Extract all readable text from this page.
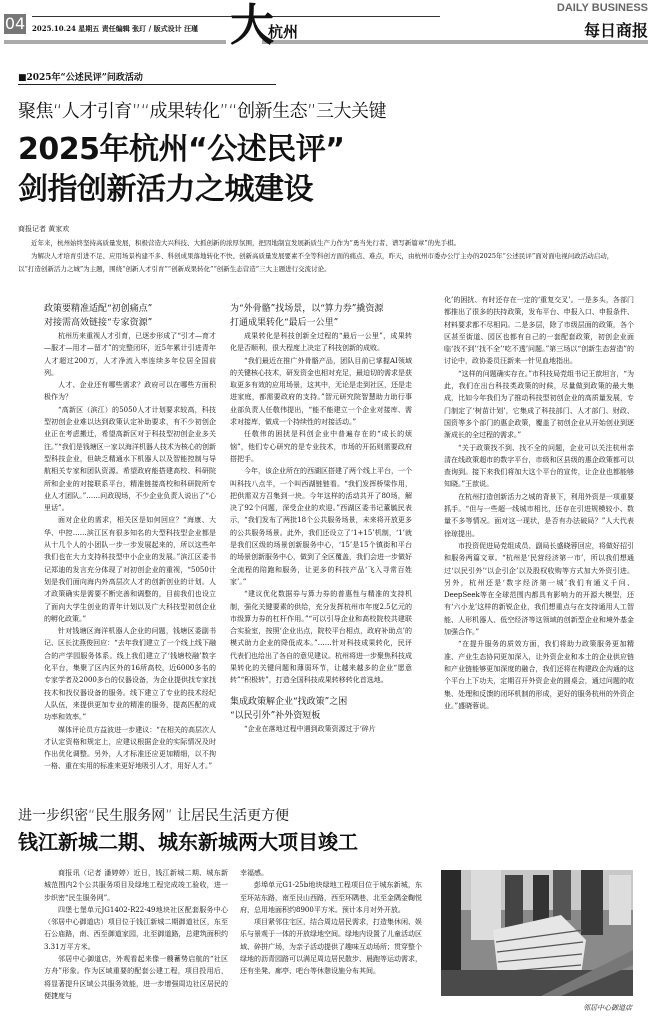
04 2025.10.24 星期五 责任编辑 张玎 / 版式设计 汪瑾 大
杭州
DAILY BUSINESS
每日商报
■2025年“公述民评”问政活动
聚焦“人才引育”“成果转化”“创新生态”三大关键
2025年杭州“公述民评”
剑指创新活力之城建设
商报记者 黄家欢

近年来，杭州始终坚持高质量发展，积极营造大兴科技、大抓创新的浓厚氛围，把因地制宜发展新质生产力作为“勇当先行者、谱写新篇章”的先手棋。

为解决人才培育引进不足、应用场景构建不多、科创成果落地转化不快、创新高质量发展要素不全等科创方面的痛点、难点，昨天，由杭州市委办公厅主办的2025年“公述民评”面对面电视问政活动启动，以“打造创新活力之城”为主题，围绕“创新人才引育”“创新成果转化”“创新生态营造”三大主题进行交流讨论。

政策要精准适配“初创痛点”
对接需高效链接“专家资源”

杭州历来重视人才引育，已逐步形成了“引才—育才—服才—用才—留才”的完整闭环，近5年累计引进青年人才超过200万，人才净流入率连续多年位居全国前列。

人才、企业还有哪些需求？政府可以在哪些方面积极作为？

“高新区（滨江）的5050人才计划要求较高，科技型初创企业难以达到政策认定补助要求，有不少初创企业正在考虑搬迁，希望高新区对于科技型初创企业多关注。”“我们是钱塘区一家以海洋机器人技术为核心的创新型科技企业，但缺乏精通水下机器人以及智能控制与导航相关专家和团队资源。希望政府能搭建高校、科研院所和企业的对接联系平台，精准链接高校和科研院所专业人才团队。”……问政现场，不少企业负责人说出了“心里话”。

面对企业的需求，相关区是如何回应？“海康、大华、中控……滨江区有很多知名的大型科技型企业都是从十几个人的小团队一步一步发展起来的，所以这些年我们也在大力支持科技型中小企业的发展。”滨江区委书记郑迪的发言充分体现了对初创企业的重视，“5050计划是我们面向海内外高层次人才的创新创业的计划。人才政策确实是需要不断完善和调整的，目前我们也设立了面向大学生创业的青年计划以及广大科技型初创企业的孵化政策。”

针对钱塘区海洋机器人企业的问题，钱塘区委副书记、区长沈燕俊回应：“去年我们建立了一个线上线下融合的产学园服务体系。线上我们建立了‘钱塘校融’数字化平台，集聚了区内区外的16所高校，近6000多名的专家学者及2000多台的仪器设备，为企业提供找专家找技术和找仪器设备的服务。线下建立了专业的技术经纪人队伍，来提供更加专业的精准的服务，提高匹配的成功率和效率。”

媒体评论员方益波进一步建议：“在相关的高层次人才认定资格和规定上，应建议根据企业的实际情况及时作出优化调整。另外，人才标准还应更加精细，以不拘一格、重在实用的标准来更好地吸引人才，用好人才。”

为“外骨骼”找场景，以“算力券”撬资源
打通成果转化“最后一公里”

成果转化是科技创新全过程的“最后一公里”，成果转化是否顺利，很大程度上决定了科技创新的成败。

“我们最近在推广外骨骼产品，团队目前已掌握AI领域的关键核心技术，研发资金也相对充足，最迫切的需求是获取更多有效的应用场景，这其中，无论是走到社区，还是走进家庭，都需要政府的支持。”智元研究院智慧助力助行事业部负责人任敬伟提出，“能不能建立一个企业对接库、需求对接库，做成一个持续性的对接活动。”

任敬伟的困扰是科创企业中普遍存在的“成长的烦恼”，他们专心研究的是专业技术，市场的开拓则需要政府搭把手。

今年，该企业所在的西湖区搭建了两个线上平台，一个叫科技八点半，一个叫西湖链链看。“我们发挥桥梁作用，把供需双方召集到一块。今年这样的活动共开了80场，解决了92个问题，深受企业的欢迎。”西湖区委书记董毓民表示，“我们发布了两批18个公共服务场景，未来将开放更多的公共服务场景。此外，我们还设立了‘1+15’机制，‘1’就是我们区级的场景创新服务中心，‘15’是15个镇街和平台的场景创新服务中心，做到了全区覆盖，我们会进一步做好全流程的陪跑和服务，让更多的科技产品‘飞入寻常百姓家’。”

“建议优化数据券与算力券的普惠性与精准的支持机制，强化关键要素的供给，充分发挥杭州市年度2.5亿元的市级算力券的杠杆作用。”“可以引导企业和高校院校共建联合实验室，按照‘企业出点，院校平台相点，政府补助点’的模式助力企业的降低成本。”……针对科技成果转化，民评代表们也给出了各自的意见建议。杭州将进一步聚焦科技成果转化的关键问题和薄弱环节，让越来越多的企业“愿意转”“积极转”，打造全国科技成果转移转化首选地。

集成政策解企业“找政策”之困
“以民引外”补外资短板

“企业在落地过程中遇到政策资源过于‘碎片

化’的困扰、有时还存在一定的‘重复交叉’。一是多头，各部门都推出了很多的扶持政策，发布平台、申报入口、申报条件、材料要求都不尽相同。二是多层，除了市级层面的政策，各个区甚至街道、园区也都有自己的一套配套政策，初创企业面临‘找不到’‘找不全’‘吃不透’问题。”第三场以“创新生态营造”的讨论中，政协委员汪新来一针见血地指出。

“这样的问题确实存在。”市科技局党组书记王歆坦言，“为此，我们在出台科技类政策的时候，尽量做到政策的最大集成，比如今年我们为了推动科技型初创企业的高质量发展，专门制定了‘树苗计划’，它集成了科技部门、人才部门、财政、国资等多个部门的惠企政策，覆盖了初创企业从开始创业到逐渐成长的全过程的需求。”

“关于政策找不到、找不全的问题，企业可以关注杭州亲清在线政策超市的数字平台，市级和区县级的惠企政策都可以查询到。接下来我们将加大这个平台的宣传，让企业也都能够知晓。”王歆说。

在杭州打造创新活力之城的背景下，利用外资是一项重要抓手。“但与一些超一线城市相比，还存在引进规模较小、数量不多等情况。面对这一现状，是否有办法破局？”人大代表徐琼提出。

市投资促进局党组成员、副局长盛晓蓉回应，将做好招引和服务两篇文章。“杭州是‘民营经济第一市’，所以我们想通过‘以民引外’‘以企引企’以及股权收购等方式加大外资引进。另外，杭州还是‘数字经济第一城’我们有通义千问、DeepSeek等在全球范围内都具有影响力的开源大模型，还有‘六小龙’这样的新锐企业，我们想重点与在支持通用人工智能、人形机器人、低空经济等这领域的创新型企业和境外基金加强合作。”

“在提升服务的质效方面，我们将助力政策服务更加精准、产业生态协同更加深入，让外资企业和本土的企业供应链和产业链能够更加深度的融合，我们还将在构建政企沟通的这个平台上下功夫，定期召开外资企业的圆桌会，通过问题的收集、处理和反馈的闭环机制的形成，更好的服务杭州的外资企业。”盛晓蓉说。

进一步织密“民生服务网” 让居民生活更方便
钱江新城二期、城东新城两大项目竣工

商报讯（记者 潘婷婷）近日，钱江新城二期、城东新城范围内2个公共服务项目及绿地工程完成竣工验收，进一步织密“民生服务网”。

四堡七堡单元JG1402-R22-49地块社区配套服务中心（邻居中心御道店）项目位于钱江新城二期御道社区，东至石公庙路，南、西至御道家园，北至御道路，总建筑面积约3.31万平方米。

邻居中心御道店，外观看起来像一艘蓄势启航的“社区方舟”形象。作为区域重要的配套公建工程，项目投用后，将显著提升区域公共服务效能，进一步增强周边社区居民的便捷度与

幸福感。

彭埠单元G1-25b地块绿地工程项目位于城东新城，东至环站东路，南至艮山西路，西至环隅巷，北至金隅金鞠悦府，总用地面积约8900平方米。预计本月对外开放。

项目紧邻住宅区，结合周边居民需求，打造集休闲、娱乐与景观于一体的开放绿地空间。绿地内设置了儿童活动区域、碎拼广场，为亲子活动提供了趣味互动场所；贯穿整个绿地的沥青园路可以满足周边居民散步、晨跑等运动需求，还有坐凳、廊亭、吧台等休憩设施分布其间。

邻居中心御道店
